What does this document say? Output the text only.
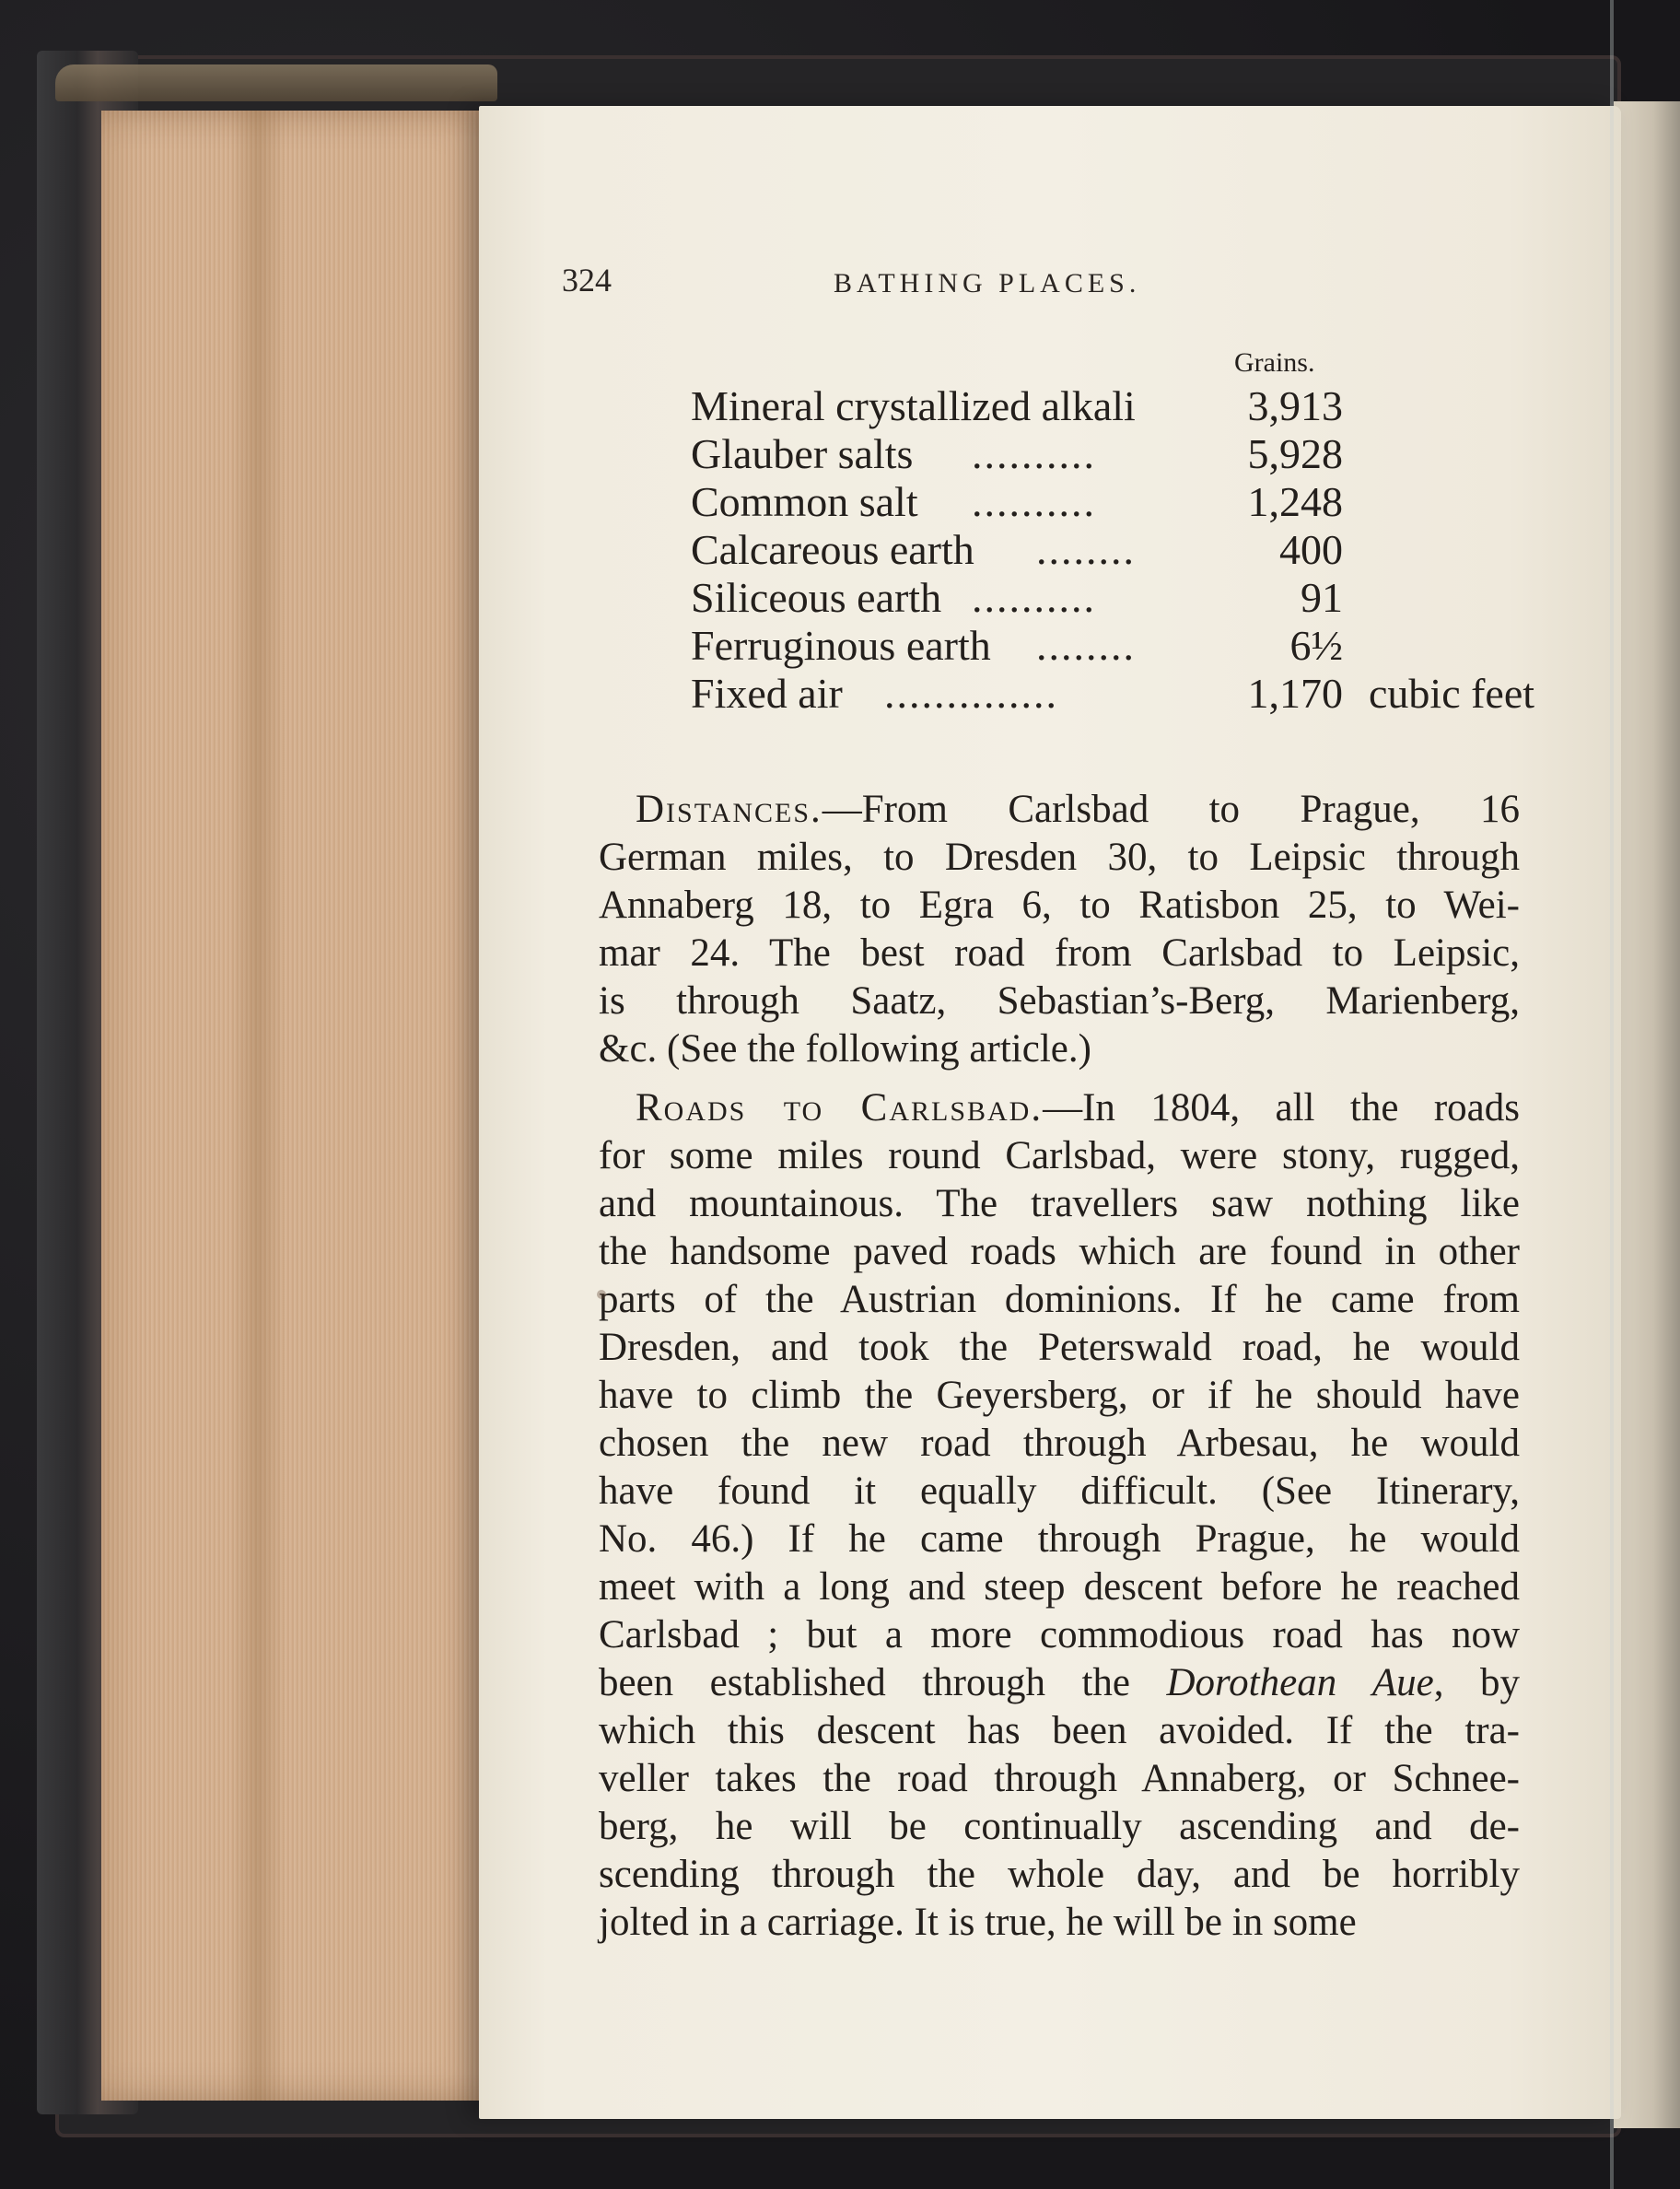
324	BATHING PLACES.
Grains.
Mineral crystallized alkali	3,913
Glauber salts ..........	5,928
Common salt ..........	1,248
Calcareous earth ........	400
Siliceous earth ..........	91
Ferruginous earth ........	6½
Fixed air ..............	1,170 cubic feet
Distances.—From Carlsbad to Prague, 16
German miles, to Dresden 30, to Leipsic through
Annaberg 18, to Egra 6, to Ratisbon 25, to Wei-
mar 24. The best road from Carlsbad to Leipsic,
is through Saatz, Sebastian’s-Berg, Marienberg,
&c. (See the following article.)
Roads to Carlsbad.—In 1804, all the roads
for some miles round Carlsbad, were stony, rugged,
and mountainous. The travellers saw nothing like
the handsome paved roads which are found in other
parts of the Austrian dominions. If he came from
Dresden, and took the Peterswald road, he would
have to climb the Geyersberg, or if he should have
chosen the new road through Arbesau, he would
have found it equally difficult. (See Itinerary,
No. 46.) If he came through Prague, he would
meet with a long and steep descent before he reached
Carlsbad ; but a more commodious road has now
been established through the Dorothean Aue, by
which this descent has been avoided. If the tra-
veller takes the road through Annaberg, or Schnee-
berg, he will be continually ascending and de-
scending through the whole day, and be horribly
jolted in a carriage. It is true, he will be in some
